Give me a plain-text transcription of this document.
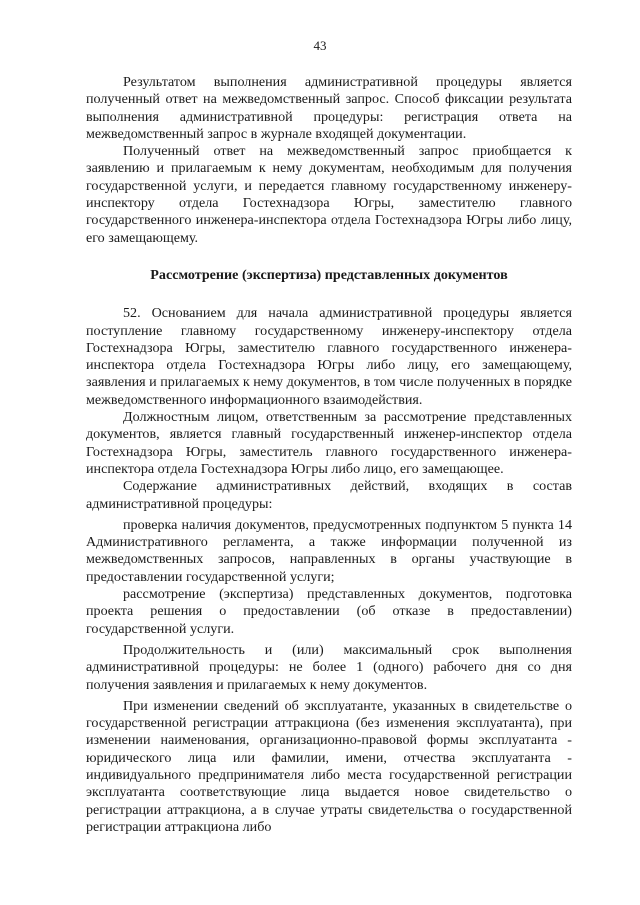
43

Результатом выполнения административной процедуры является полученный ответ на межведомственный запрос. Способ фиксации результата выполнения административной процедуры: регистрация ответа на межведомственный запрос в журнале входящей документации.

Полученный ответ на межведомственный запрос приобщается к заявлению и прилагаемым к нему документам, необходимым для получения государственной услуги, и передается главному государственному инженеру-инспектору отдела Гостехнадзора Югры, заместителю главного государственного инженера-инспектора отдела Гостехнадзора Югры либо лицу, его замещающему.

Рассмотрение (экспертиза) представленных документов

52. Основанием для начала административной процедуры является поступление главному государственному инженеру-инспектору отдела Гостехнадзора Югры, заместителю главного государственного инженера-инспектора отдела Гостехнадзора Югры либо лицу, его замещающему, заявления и прилагаемых к нему документов, в том числе полученных в порядке межведомственного информационного взаимодействия.

Должностным лицом, ответственным за рассмотрение представленных документов, является главный государственный инженер-инспектор отдела Гостехнадзора Югры, заместитель главного государственного инженера-инспектора отдела Гостехнадзора Югры либо лицо, его замещающее.

Содержание административных действий, входящих в состав административной процедуры:

проверка наличия документов, предусмотренных подпунктом 5 пункта 14 Административного регламента, а также информации полученной из межведомственных запросов, направленных в органы участвующие в предоставлении государственной услуги;

рассмотрение (экспертиза) представленных документов, подготовка проекта решения о предоставлении (об отказе в предоставлении) государственной услуги.

Продолжительность и (или) максимальный срок выполнения административной процедуры: не более 1 (одного) рабочего дня со дня получения заявления и прилагаемых к нему документов.

При изменении сведений об эксплуатанте, указанных в свидетельстве о государственной регистрации аттракциона (без изменения эксплуатанта), при изменении наименования, организационно-правовой формы эксплуатанта - юридического лица или фамилии, имени, отчества эксплуатанта - индивидуального предпринимателя либо места государственной регистрации эксплуатанта соответствующие лица выдается новое свидетельство о регистрации аттракциона, а в случае утраты свидетельства о государственной регистрации аттракциона либо
